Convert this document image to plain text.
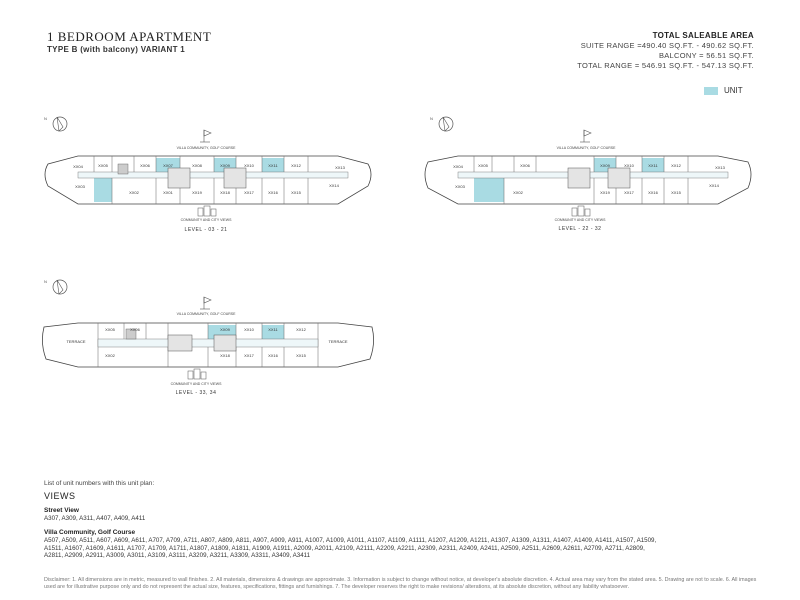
1 BEDROOM APARTMENT
TYPE B (with balcony) VARIANT 1
TOTAL SALEABLE AREA
SUITE RANGE =490.40 SQ.FT. - 490.62 SQ.FT.
BALCONY = 56.51 SQ.FT.
TOTAL RANGE = 546.91 SQ.FT. - 547.13 SQ.FT.
UNIT
N
VILLA COMMUNITY, GOLF COURSE
XX04	XX05	XX06	XX07	XX08	XX09	XX10	XX11	XX12	XX13
XX03
XX02	XX01	XX19	XX18	XX17	XX16	XX15
XX14
COMMUNITY AND CITY VIEWS
LEVEL - 03 - 21
N
VILLA COMMUNITY, GOLF COURSE
XX04	XX05	XX06	XX09	XX10	XX11	XX12	XX13
XX03
XX02	XX19	XX17	XX16	XX15
XX14
COMMUNITY AND CITY VIEWS
LEVEL - 22 - 32
N
VILLA COMMUNITY, GOLF COURSE
TERRACE	TERRACE
XX05	XX06	XX09	XX10	XX11	XX12
XX02	XX18	XX17	XX16	XX15
COMMUNITY AND CITY VIEWS
LEVEL - 33, 34
List of unit numbers with this unit plan:
VIEWS
Street View
A307, A309, A311, A407, A409, A411
Villa Community, Golf Course
A507, A509, A511, A607, A609, A611, A707, A709, A711, A807, A809, A811, A907, A909, A911, A1007, A1009, A1011, A1107, A1109, A1111, A1207, A1209, A1211, A1307, A1309, A1311, A1407, A1409, A1411, A1507, A1509, A1511, A1607, A1609, A1611, A1707, A1709, A1711, A1807, A1809, A1811, A1909, A1911, A2009, A2011, A2109, A2111, A2209, A2211, A2309, A2311, A2409, A2411, A2509, A2511, A2609, A2611, A2709, A2711, A2809, A2811, A2909, A2911, A3009, A3011, A3109, A3111, A3209, A3211, A3309, A3311, A3409, A3411
Disclaimer: 1. All dimensions are in metric, measured to wall finishes. 2. All materials, dimensions & drawings are approximate. 3. Information is subject to change without notice, at developer's absolute discretion. 4. Actual area may vary from the stated area. 5. Drawing are not to scale. 6. All images used are for illustrative purpose only and do not represent the actual size, features, specifications, fittings and furnishings. 7. The developer reserves the right to make revisions/ alterations, at its absolute discretion, without any liability whatsoever.
